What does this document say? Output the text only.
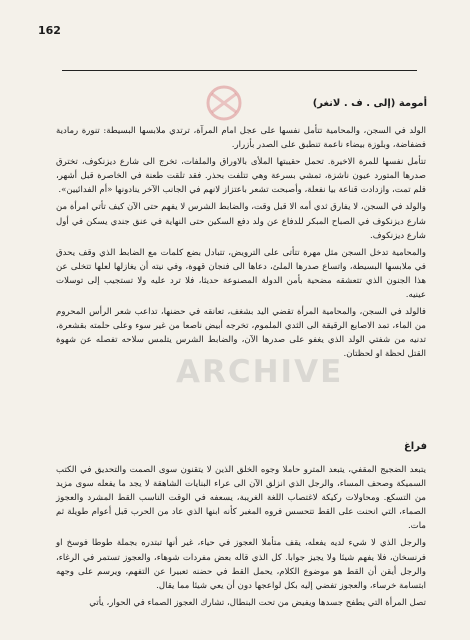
162
أمومة (إلى . ف . لانغر)

الولد في السجن، والمحامية تتأمل نفسها على عجل امام المرآة، ترتدي ملابسها البسيطة: تنورة رمادية فضفاضة، وبلوزة بيضاء ناعمة تنطبق على الصدر بأزرار.

تتأمل نفسها للمرة الاخيرة. تحمل حقيبتها الملأى بالاوراق والملفات، تخرج الى شارع ديزنكوف، تخترق صدرها المتورد عيون ناشزة، تمشي بسرعة وهي تتلفت بحذر. فقد تلقت طعنة في الخاصرة قبل أشهر، فلم تمت، وازدادت قناعة بيا نفعلة، وأصبحت تشعر باعتزاز لانهم في الجانب الآخر ينادونها «أم الفدائيين».

والولد في السجن، لا يفارق ثدي أمه الا قبل وقت، والضابط الشرس لا يفهم حتى الآن كيف تأتي امرأة من شارع ديزنكوف في الصباح المبكر للدفاع عن ولد دفع السكين حتى النهاية في عنق جندي يسكن في أول شارع ديزنكوف.

والمحامية تدخل السجن مثل مهرة تتأتى على الترويض، تتبادل بضع كلمات مع الضابط الذي وقف يحدق في ملابسها البسيطة، واتساع صدرها الملئ، دعاها الى فنجان قهوة، وفي نيته أن يغازلها لعلها تتخلى عن هذا الجنون الذي تتعشقه مضحية بأمن الدولة المصنوعة حديثا، فلا ترد عليه ولا تستجيب إلى توسلات عينيه.

فالولد في السجن، والمحامية المرأة تقضي اليد بشغف، تعانقه في حضنها، تداعب شعر الرأس المحروم من الماء، تمد الاصابع الرقيقة الى الثدي الملموم، تخرجه أبيض ناصعا من غير سوء وعلى حلمته بقشعرة، تدنيه من شفتي الولد الذي يغفو على صدرها الآن، والضابط الشرس يتلمس سلاحه تفصله عن شهوة القتل لحظة او لحظتان.

فراغ

يتبعد الضجيج المقفي، يتبعد المترو حاملا وجوه الخلق الذين لا يتقنون سوى الصمت والتحديق في الكتب السميكة وصحف المساء، والرجل الذي انزلق الآن الى عراء البنايات الشاهقة لا يجد ما يفعله سوى مزيد من التسكع. ومحاولات ركيكة لاغتصاب اللغة الغريبة، يسعفه في الوقت الناسب القط المشرد والعجوز الصماء، التي انحنت على القط تتحسس فروه المغبر كأنه ابنها الذي عاد من الحرب قبل أعوام طويلة ثم مات.

والرجل الذي لا شيء لديه يفعله، يقف متأملا العجوز في حياء، غير أنها تبتدره بجملة طوطا فوسخ او فرنسخان، فلا يفهم شيئا ولا يجيز جوابا. كل الذي قاله بعض مفردات شوهاء، والعجوز تستمر في الرغاء، والرجل أيقن أن القط هو موضوع الكلام، يحمل القط في حضنه تعبيرا عن التفهم، ويرسم على وجهه ابتسامة خرساء، والعجوز تفضي إليه بكل لواعجها دون أن يعي شيئا مما يقال.

تصل المرأة التي يطفح جسدها ويفيض من تحت البنطال، تشارك العجوز الصماء في الحوار، يأتي

ARCHIVE
